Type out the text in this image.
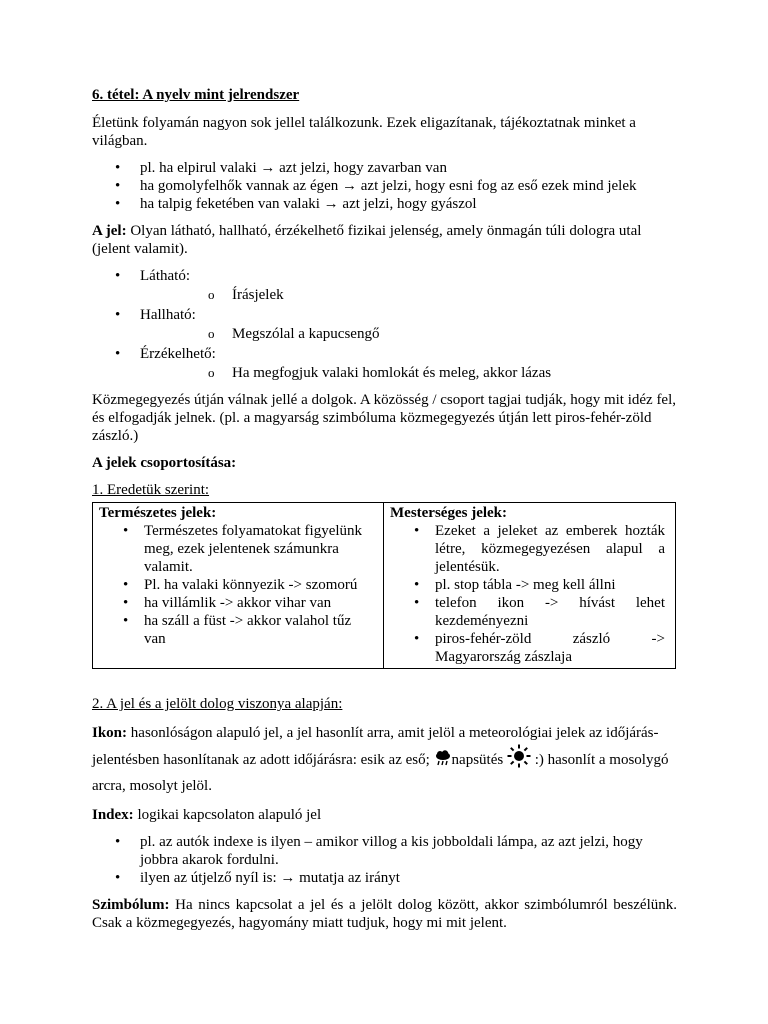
6. tétel: A nyelv mint jelrendszer

Életünk folyamán nagyon sok jellel találkozunk. Ezek eligazítanak, tájékoztatnak minket a világban.

• pl. ha elpirul valaki → azt jelzi, hogy zavarban van
• ha gomolyfelhők vannak az égen → azt jelzi, hogy esni fog az eső ezek mind jelek
• ha talpig feketében van valaki → azt jelzi, hogy gyászol

A jel: Olyan látható, hallható, érzékelhető fizikai jelenség, amely önmagán túli dologra utal (jelent valamit).

• Látható:
o Írásjelek
• Hallható:
o Megszólal a kapucsengő
• Érzékelhető:
o Ha megfogjuk valaki homlokát és meleg, akkor lázas

Közmegegyezés útján válnak jellé a dolgok. A közösség / csoport tagjai tudják, hogy mit idéz fel, és elfogadják jelnek. (pl. a magyarság szimbóluma közmegegyezés útján lett piros-fehér-zöld zászló.)

A jelek csoportosítása:

1. Eredetük szerint:

Természetes jelek:
• Természetes folyamatokat figyelünk meg, ezek jelentenek számunkra valamit.
• Pl. ha valaki könnyezik -> szomorú
• ha villámlik -> akkor vihar van
• ha száll a füst -> akkor valahol tűz van
Mesterséges jelek:
• Ezeket a jeleket az emberek hozták létre, közmegegyezésen alapul a jelentésük.
• pl. stop tábla -> meg kell állni
• telefon ikon -> hívást lehet kezdeményezni
• piros-fehér-zöld zászló -> Magyarország zászlaja

2. A jel és a jelölt dolog viszonya alapján:

Ikon: hasonlóságon alapuló jel, a jel hasonlít arra, amit jelöl a meteorológiai jelek az időjárás-jelentésben hasonlítanak az adott időjárásra: esik az eső; napsütés  :) hasonlít a mosolygó arcra, mosolyt jelöl.

Index: logikai kapcsolaton alapuló jel

• pl. az autók indexe is ilyen – amikor villog a kis jobboldali lámpa, az azt jelzi, hogy jobbra akarok fordulni.
• ilyen az útjelző nyíl is: → mutatja az irányt

Szimbólum: Ha nincs kapcsolat a jel és a jelölt dolog között, akkor szimbólumról beszélünk. Csak a közmegegyezés, hagyomány miatt tudjuk, hogy mi mit jelent.
